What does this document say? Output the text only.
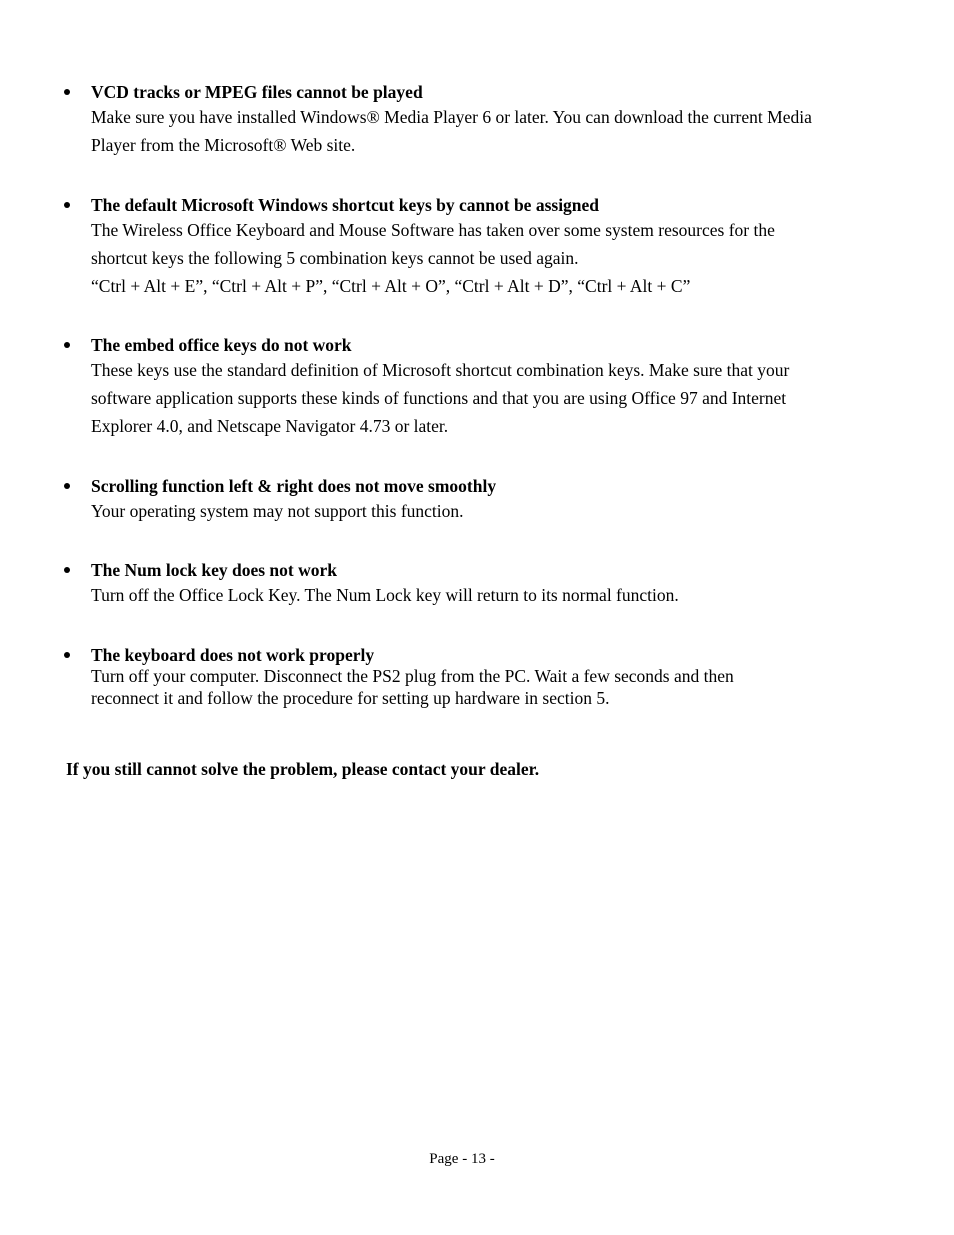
VCD tracks or MPEG files cannot be played
Make sure you have installed Windows® Media Player 6 or later. You can download the current Media
Player from the Microsoft® Web site.
The default Microsoft Windows shortcut keys by cannot be assigned
The Wireless Office Keyboard and Mouse Software has taken over some system resources for the
shortcut keys the following 5 combination keys cannot be used again.
“Ctrl + Alt + E”, “Ctrl + Alt + P”, “Ctrl + Alt + O”, “Ctrl + Alt + D”, “Ctrl + Alt + C”
The embed office keys do not work
These keys use the standard definition of Microsoft shortcut combination keys. Make sure that your
software application supports these kinds of functions and that you are using Office 97 and Internet
Explorer 4.0, and Netscape Navigator 4.73 or later.
Scrolling function left & right does not move smoothly
Your operating system may not support this function.
The Num lock key does not work
Turn off the Office Lock Key. The Num Lock key will return to its normal function.
The keyboard does not work properly
Turn off your computer. Disconnect the PS2 plug from the PC. Wait a few seconds and then
reconnect it and follow the procedure for setting up hardware in section 5.
If you still cannot solve the problem, please contact your dealer.
Page - 13 -
